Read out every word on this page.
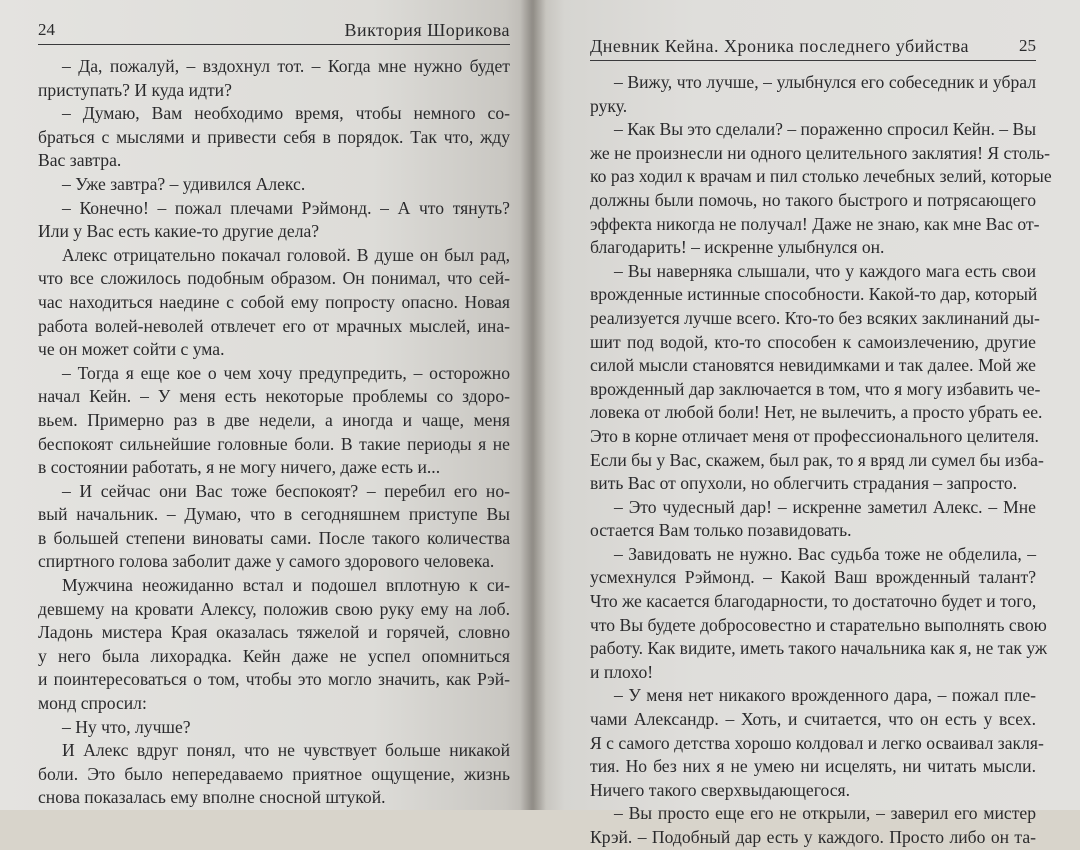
24	Виктория Шорикова
– Да, пожалуй, – вздохнул тот. – Когда мне нужно будет
приступать? И куда идти?
– Думаю, Вам необходимо время, чтобы немного со-
браться с мыслями и привести себя в порядок. Так что, жду
Вас завтра.
– Уже завтра? – удивился Алекс.
– Конечно! – пожал плечами Рэймонд. – А что тянуть?
Или у Вас есть какие-то другие дела?
Алекс отрицательно покачал головой. В душе он был рад,
что все сложилось подобным образом. Он понимал, что сей-
час находиться наедине с собой ему попросту опасно. Новая
работа волей-неволей отвлечет его от мрачных мыслей, ина-
че он может сойти с ума.
– Тогда я еще кое о чем хочу предупредить, – осторожно
начал Кейн. – У меня есть некоторые проблемы со здоро-
вьем. Примерно раз в две недели, а иногда и чаще, меня
беспокоят сильнейшие головные боли. В такие периоды я не
в состоянии работать, я не могу ничего, даже есть и...
– И сейчас они Вас тоже беспокоят? – перебил его но-
вый начальник. – Думаю, что в сегодняшнем приступе Вы
в большей степени виноваты сами. После такого количества
спиртного голова заболит даже у самого здорового человека.
Мужчина неожиданно встал и подошел вплотную к си-
девшему на кровати Алексу, положив свою руку ему на лоб.
Ладонь мистера Края оказалась тяжелой и горячей, словно
у него была лихорадка. Кейн даже не успел опомниться
и поинтересоваться о том, чтобы это могло значить, как Рэй-
монд спросил:
– Ну что, лучше?
И Алекс вдруг понял, что не чувствует больше никакой
боли. Это было непередаваемо приятное ощущение, жизнь
снова показалась ему вполне сносной штукой.
Дневник Кейна. Хроника последнего убийства	25
– Вижу, что лучше, – улыбнулся его собеседник и убрал
руку.
– Как Вы это сделали? – пораженно спросил Кейн. – Вы
же не произнесли ни одного целительного заклятия! Я столь-
ко раз ходил к врачам и пил столько лечебных зелий, которые
должны были помочь, но такого быстрого и потрясающего
эффекта никогда не получал! Даже не знаю, как мне Вас от-
благодарить! – искренне улыбнулся он.
– Вы наверняка слышали, что у каждого мага есть свои
врожденные истинные способности. Какой-то дар, который
реализуется лучше всего. Кто-то без всяких заклинаний ды-
шит под водой, кто-то способен к самоизлечению, другие
силой мысли становятся невидимками и так далее. Мой же
врожденный дар заключается в том, что я могу избавить че-
ловека от любой боли! Нет, не вылечить, а просто убрать ее.
Это в корне отличает меня от профессионального целителя.
Если бы у Вас, скажем, был рак, то я вряд ли сумел бы избa-
вить Вас от опухоли, но облегчить страдания – запросто.
– Это чудесный дар! – искренне заметил Алекс. – Мне
остается Вам только позавидовать.
– Завидовать не нужно. Вас судьба тоже не обделила, –
усмехнулся Рэймонд. – Какой Ваш врожденный талант?
Что же касается благодарности, то достаточно будет и того,
что Вы будете добросовестно и старательно выполнять свою
работу. Как видите, иметь такого начальника как я, не так уж
и плохо!
– У меня нет никакого врожденного дара, – пожал пле-
чами Александр. – Хоть, и считается, что он есть у всех.
Я с самого детства хорошо колдовал и легко осваивал закля-
тия. Но без них я не умею ни исцелять, ни читать мысли.
Ничего такого сверхвыдающегося.
– Вы просто еще его не открыли, – заверил его мистер
Крэй. – Подобный дар есть у каждого. Просто либо он та-
